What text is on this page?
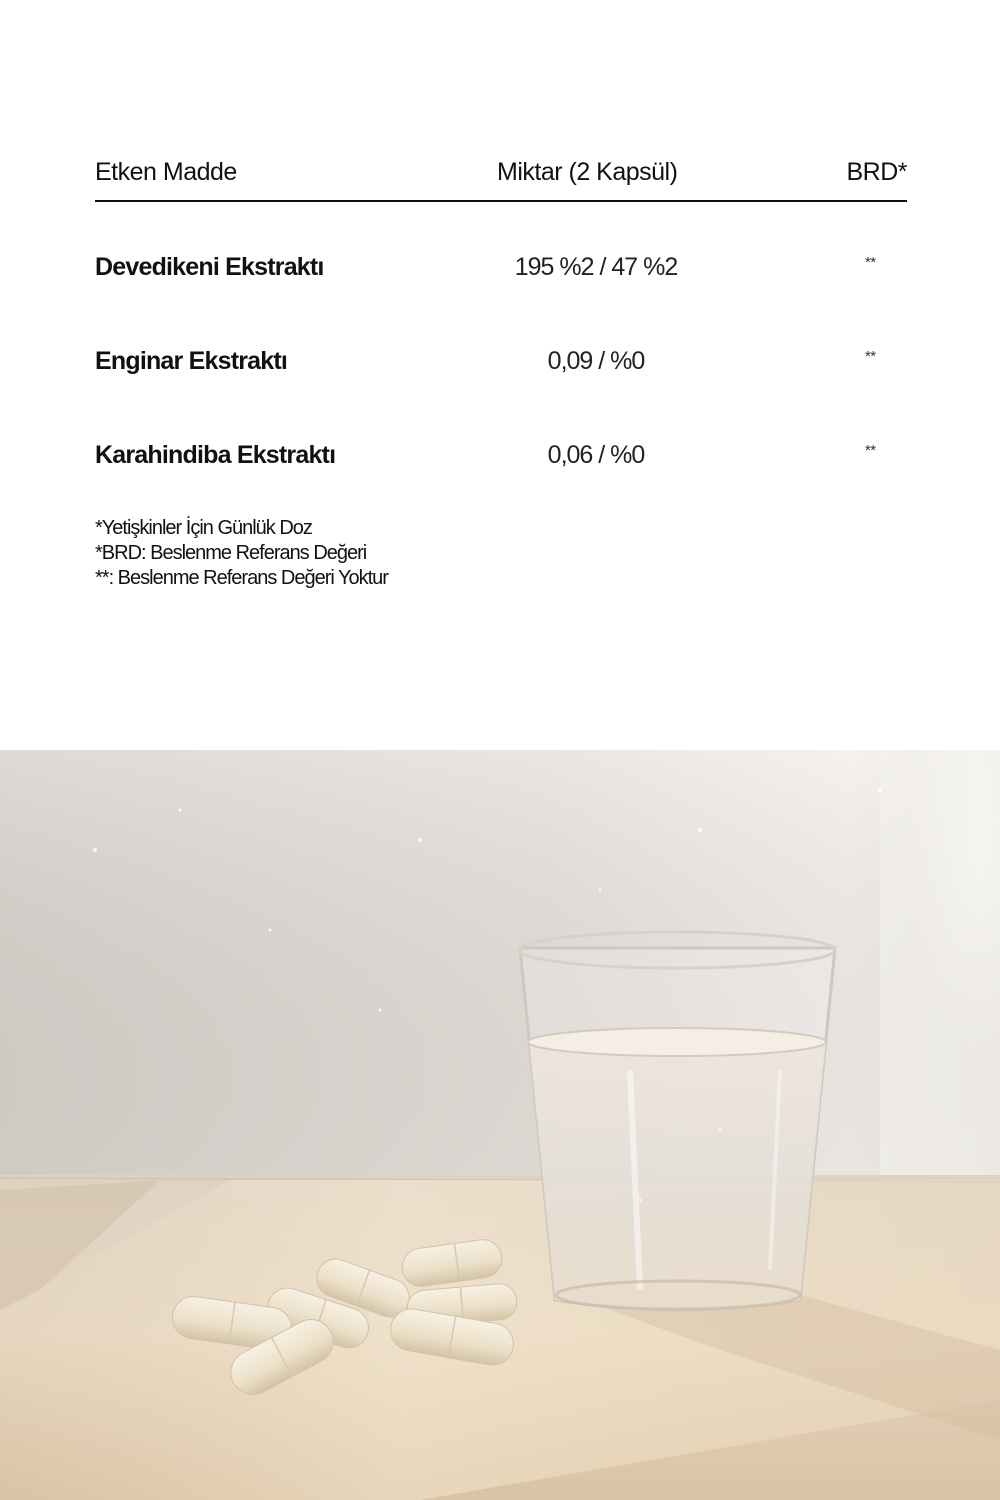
Etken Madde	Miktar (2 Kapsül)	BRD*
Devedikeni Ekstraktı	195 %2 / 47 %2	**
Enginar Ekstraktı	0,09 / %0	**
Karahindiba Ekstraktı	0,06 / %0	**
*Yetişkinler İçin Günlük Doz
*BRD: Beslenme Referans Değeri
**: Beslenme Referans Değeri Yoktur
